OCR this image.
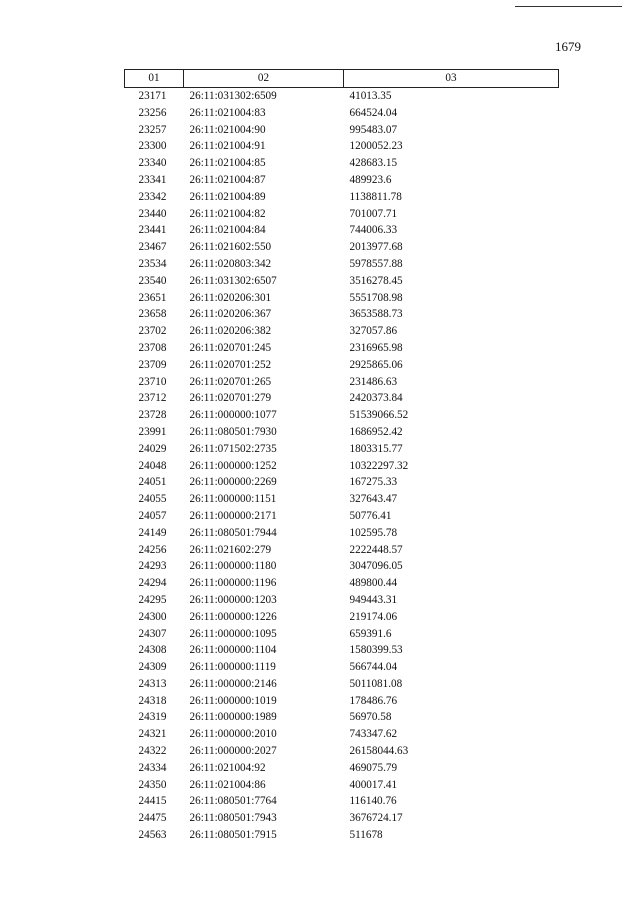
1679
01	02	03
23171	26:11:031302:6509	41013.35
23256	26:11:021004:83	664524.04
23257	26:11:021004:90	995483.07
23300	26:11:021004:91	1200052.23
23340	26:11:021004:85	428683.15
23341	26:11:021004:87	489923.6
23342	26:11:021004:89	1138811.78
23440	26:11:021004:82	701007.71
23441	26:11:021004:84	744006.33
23467	26:11:021602:550	2013977.68
23534	26:11:020803:342	5978557.88
23540	26:11:031302:6507	3516278.45
23651	26:11:020206:301	5551708.98
23658	26:11:020206:367	3653588.73
23702	26:11:020206:382	327057.86
23708	26:11:020701:245	2316965.98
23709	26:11:020701:252	2925865.06
23710	26:11:020701:265	231486.63
23712	26:11:020701:279	2420373.84
23728	26:11:000000:1077	51539066.52
23991	26:11:080501:7930	1686952.42
24029	26:11:071502:2735	1803315.77
24048	26:11:000000:1252	10322297.32
24051	26:11:000000:2269	167275.33
24055	26:11:000000:1151	327643.47
24057	26:11:000000:2171	50776.41
24149	26:11:080501:7944	102595.78
24256	26:11:021602:279	2222448.57
24293	26:11:000000:1180	3047096.05
24294	26:11:000000:1196	489800.44
24295	26:11:000000:1203	949443.31
24300	26:11:000000:1226	219174.06
24307	26:11:000000:1095	659391.6
24308	26:11:000000:1104	1580399.53
24309	26:11:000000:1119	566744.04
24313	26:11:000000:2146	5011081.08
24318	26:11:000000:1019	178486.76
24319	26:11:000000:1989	56970.58
24321	26:11:000000:2010	743347.62
24322	26:11:000000:2027	26158044.63
24334	26:11:021004:92	469075.79
24350	26:11:021004:86	400017.41
24415	26:11:080501:7764	116140.76
24475	26:11:080501:7943	3676724.17
24563	26:11:080501:7915	511678
